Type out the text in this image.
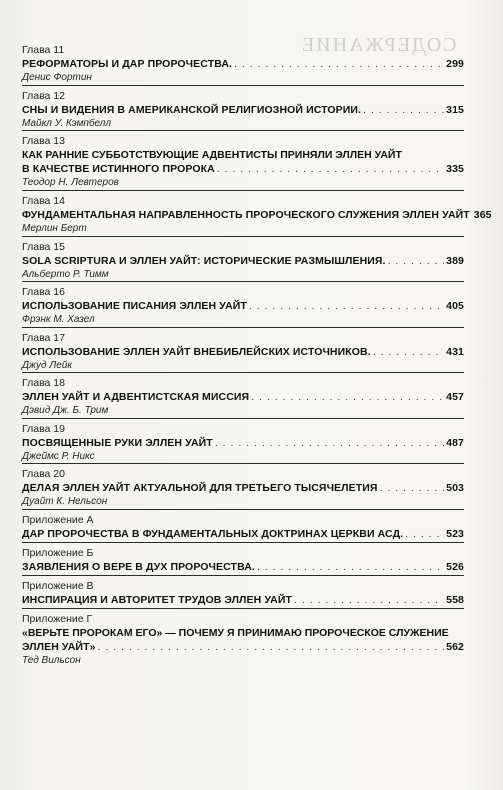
СОДЕРЖАНИЕ
Глава 11
РЕФОРМАТОРЫ И ДАР ПРОРОЧЕСТВА. . . .	299
Денис Фортин
Глава 12
СНЫ И ВИДЕНИЯ В АМЕРИКАНСКОЙ РЕЛИГИОЗНОЙ ИСТОРИИ. . . .	315
Майкл У. Кэмпбелл
Глава 13
КАК РАННИЕ СУББОТСТВУЮЩИЕ АДВЕНТИСТЫ ПРИНЯЛИ ЭЛЛЕН УАЙТ
В КАЧЕСТВЕ ИСТИННОГО ПРОРОКА . . .	335
Теодор Н. Левтеров
Глава 14
ФУНДАМЕНТАЛЬНАЯ НАПРАВЛЕННОСТЬ ПРОРОЧЕСКОГО СЛУЖЕНИЯ ЭЛЛЕН УАЙТ 365
Мерлин Берт
Глава 15
SOLA SCRIPTURA И ЭЛЛЕН УАЙТ: ИСТОРИЧЕСКИЕ РАЗМЫШЛЕНИЯ. . . .	389
Альберто Р. Тимм
Глава 16
ИСПОЛЬЗОВАНИЕ ПИСАНИЯ ЭЛЛЕН УАЙТ . . .	405
Фрэнк М. Хазел
Глава 17
ИСПОЛЬЗОВАНИЕ ЭЛЛЕН УАЙТ ВНЕБИБЛЕЙСКИХ ИСТОЧНИКОВ. . . .	431
Джуд Лейк
Глава 18
ЭЛЛЕН УАЙТ И АДВЕНТИСТСКАЯ МИССИЯ . . .	457
Дэвид Дж. Б. Трим
Глава 19
ПОСВЯЩЕННЫЕ РУКИ ЭЛЛЕН УАЙТ . . .	487
Джеймс Р. Никс
Глава 20
ДЕЛАЯ ЭЛЛЕН УАЙТ АКТУАЛЬНОЙ ДЛЯ ТРЕТЬЕГО ТЫСЯЧЕЛЕТИЯ . . .	503
Дуайт К. Нельсон
Приложение А
ДАР ПРОРОЧЕСТВА В ФУНДАМЕНТАЛЬНЫХ ДОКТРИНАХ ЦЕРКВИ АСД. . . .	523
Приложение Б
ЗАЯВЛЕНИЯ О ВЕРЕ В ДУХ ПРОРОЧЕСТВА. . . .	526
Приложение В
ИНСПИРАЦИЯ И АВТОРИТЕТ ТРУДОВ ЭЛЛЕН УАЙТ . . .	558
Приложение Г
«ВЕРЬТЕ ПРОРОКАМ ЕГО» — ПОЧЕМУ Я ПРИНИМАЮ ПРОРОЧЕСКОЕ СЛУЖЕНИЕ
ЭЛЛЕН УАЙТ» . . .	562
Тед Вильсон
